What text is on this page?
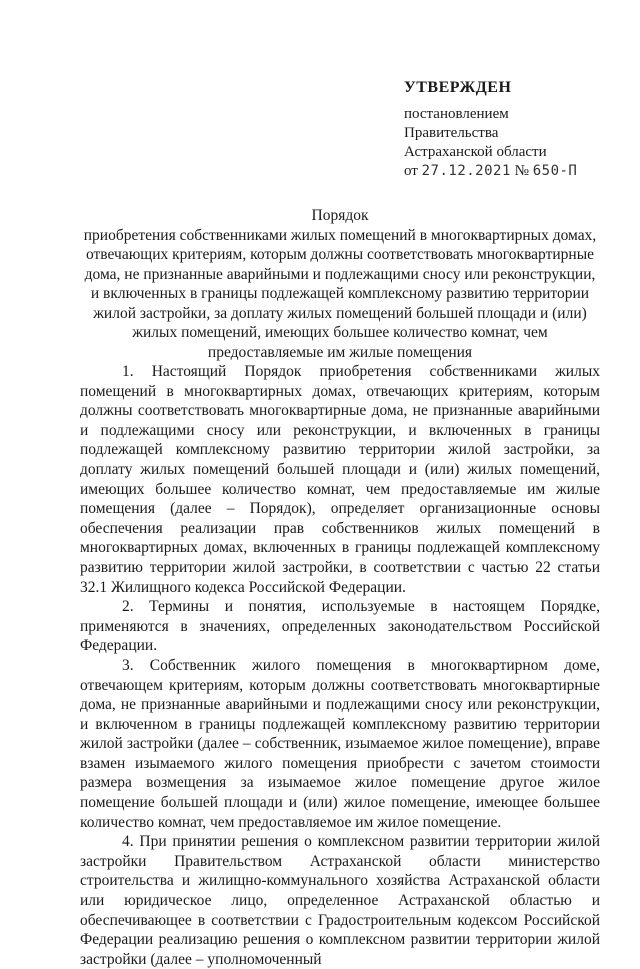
УТВЕРЖДЕН
постановлением
Правительства
Астраханской области
от 27.12.2021 № 650-П
Порядок
приобретения собственниками жилых помещений в многоквартирных домах, отвечающих критериям, которым должны соответствовать многоквартирные дома, не признанные аварийными и подлежащими сносу или реконструкции, и включенных в границы подлежащей комплексному развитию территории жилой застройки, за доплату жилых помещений большей площади и (или) жилых помещений, имеющих большее количество комнат, чем предоставляемые им жилые помещения

1. Настоящий Порядок приобретения собственниками жилых помещений в многоквартирных домах, отвечающих критериям, которым должны соответствовать многоквартирные дома, не признанные аварийными и подлежащими сносу или реконструкции, и включенных в границы подлежащей комплексному развитию территории жилой застройки, за доплату жилых помещений большей площади и (или) жилых помещений, имеющих большее количество комнат, чем предоставляемые им жилые помещения (далее – Порядок), определяет организационные основы обеспечения реализации прав собственников жилых помещений в многоквартирных домах, включенных в границы подлежащей комплексному развитию территории жилой застройки, в соответствии с частью 22 статьи 32.1 Жилищного кодекса Российской Федерации.

2. Термины и понятия, используемые в настоящем Порядке, применяются в значениях, определенных законодательством Российской Федерации.

3. Собственник жилого помещения в многоквартирном доме, отвечающем критериям, которым должны соответствовать многоквартирные дома, не признанные аварийными и подлежащими сносу или реконструкции, и включенном в границы подлежащей комплексному развитию территории жилой застройки (далее – собственник, изымаемое жилое помещение), вправе взамен изымаемого жилого помещения приобрести с зачетом стоимости размера возмещения за изымаемое жилое помещение другое жилое помещение большей площади и (или) жилое помещение, имеющее большее количество комнат, чем предоставляемое им жилое помещение.

4. При принятии решения о комплексном развитии территории жилой застройки Правительством Астраханской области министерство строительства и жилищно-коммунального хозяйства Астраханской области или юридическое лицо, определенное Астраханской областью и обеспечивающее в соответствии с Градостроительным кодексом Российской Федерации реализацию решения о комплексном развитии территории жилой застройки (далее – уполномоченный
